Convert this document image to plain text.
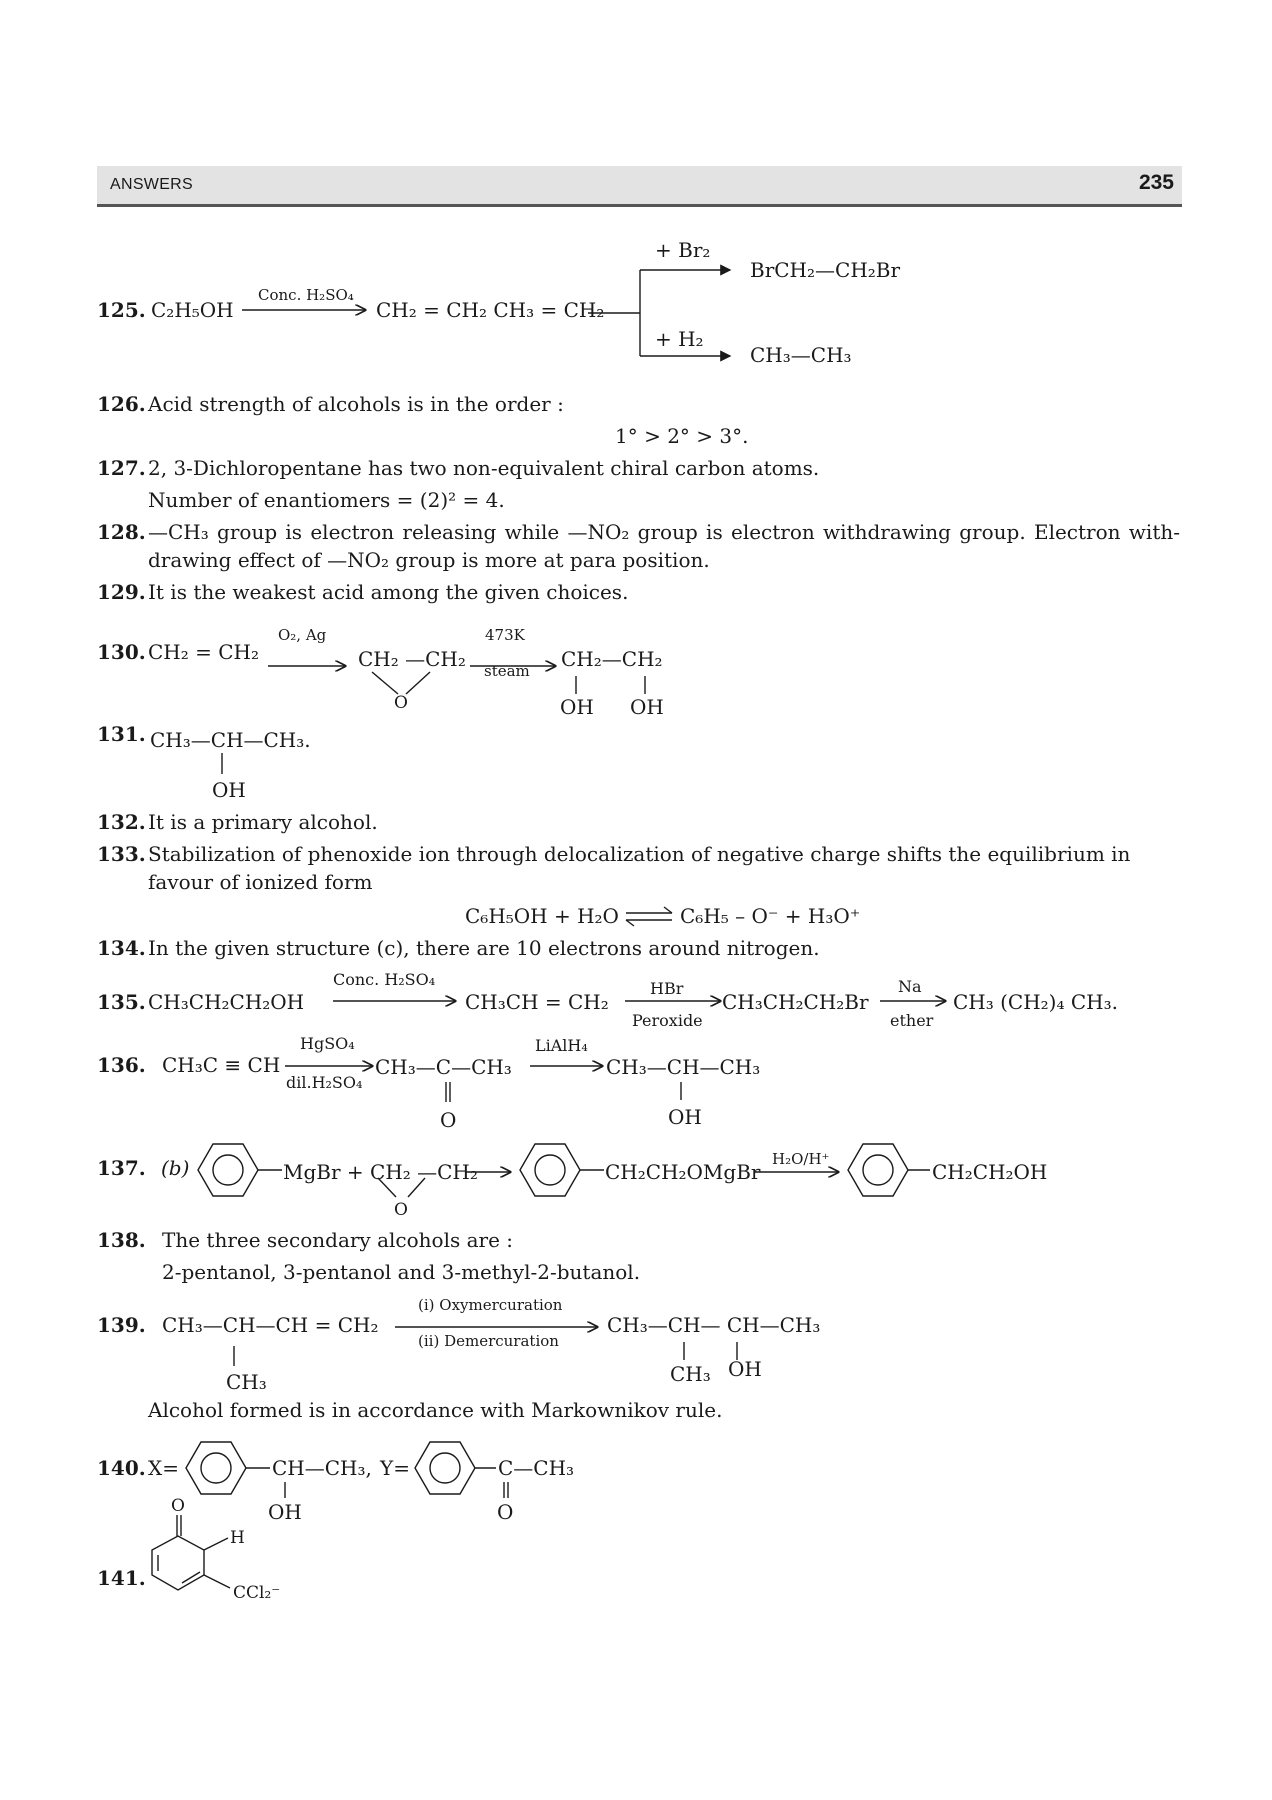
ANSWERS	235
125. C₂H₅OH
Conc. H₂SO₄
CH₂ = CH₂ CH₃ = CH₂
+ Br₂
BrCH₂—CH₂Br
+ H₂
CH₃—CH₃
126. Acid strength of alcohols is in the order :
1° > 2° > 3°.
127. 2, 3-Dichloropentane has two non-equivalent chiral carbon atoms.
Number of enantiomers = (2)² = 4.
128. —CH₃ group is electron releasing while —NO₂ group is electron withdrawing group. Electron with-drawing effect of —NO₂ group is more at para position.
129. It is the weakest acid among the given choices.
130. CH₂ = CH₂
O₂, Ag
CH₂ —CH₂
O
473K
steam CH₂—CH₂
OH OH
131. CH₃—CH—CH₃.
OH
132. It is a primary alcohol.
133. Stabilization of phenoxide ion through delocalization of negative charge shifts the equilibrium in favour of ionized form
C₆H₅OH + H₂O	C₆H₅ – O⁻ + H₃O⁺
134. In the given structure (c), there are 10 electrons around nitrogen.
135. CH₃CH₂CH₂OH
Conc. H₂SO₄
CH₃CH = CH₂
HBr
Peroxide
CH₃CH₂CH₂Br
Na
ether
CH₃ (CH₂)₄ CH₃.
136. CH₃C ≡ CH
HgSO₄
dil.H₂SO₄
CH₃—C—CH₃
O
LiAlH₄
CH₃—CH—CH₃
OH
137. (b)	MgBr + CH₂ —CH₂
O
CH₂CH₂OMgBr
H₂O/H⁺
CH₂CH₂OH
138. The three secondary alcohols are :
2-pentanol, 3-pentanol and 3-methyl-2-butanol.
139. CH₃—CH—CH = CH₂
CH₃
(i) Oxymercuration
(ii) Demercuration
CH₃—CH— CH—CH₃
CH₃ OH
Alcohol formed is in accordance with Markownikov rule.
140. X=	CH—CH₃,
OH
Y=	C—CH₃
O
141.
O
H
CCl₂⁻
